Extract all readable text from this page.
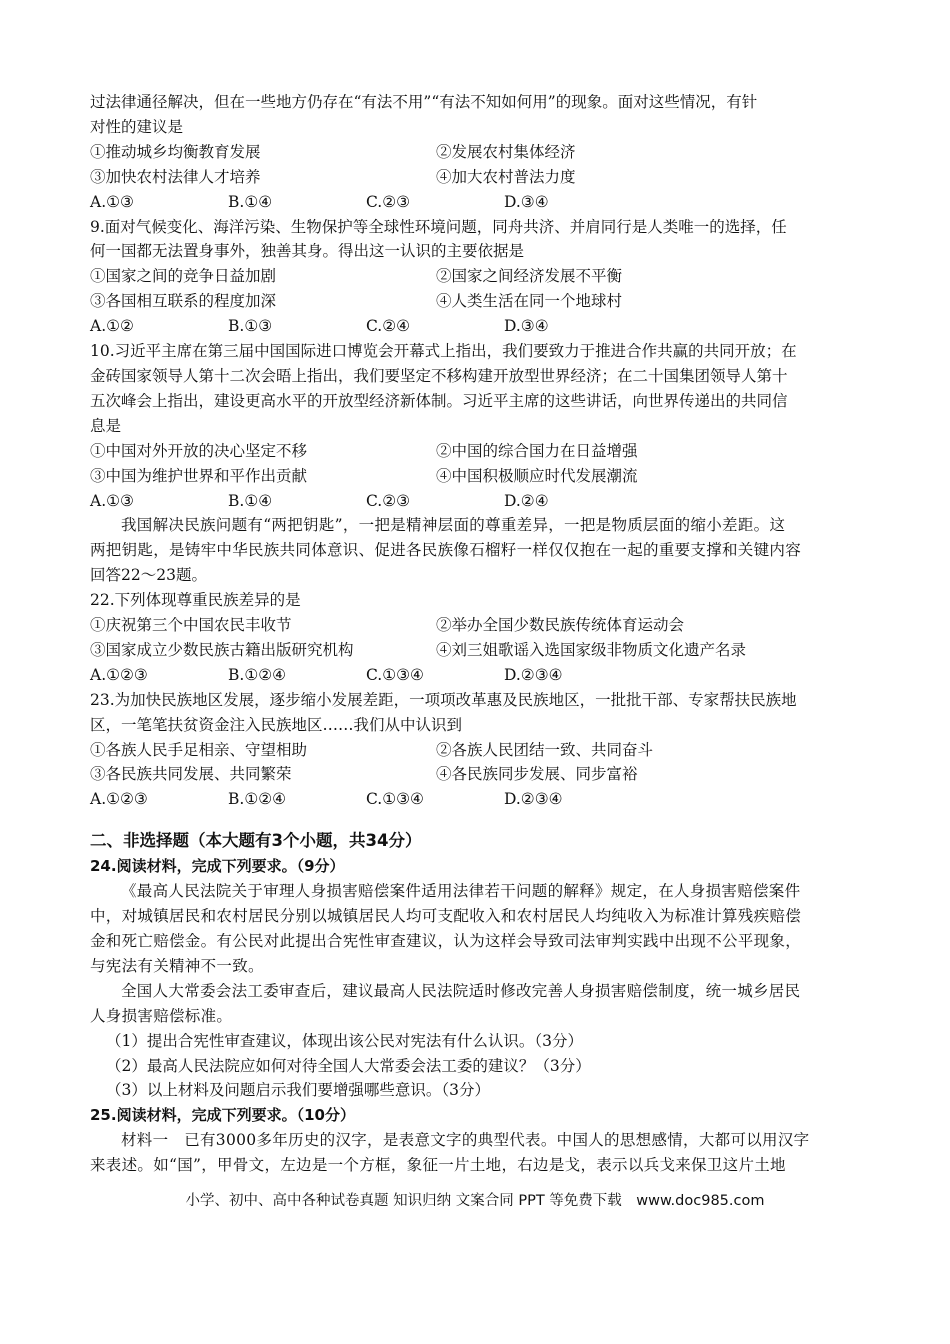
过法律通径解决，但在一些地方仍存在“有法不用”“有法不知如何用”的现象。面对这些情况，有针
对性的建议是
①推动城乡均衡教育发展	②发展农村集体经济
③加快农村法律人才培养	④加大农村普法力度
A.①③	B.①④	C.②③	D.③④
9.面对气候变化、海洋污染、生物保护等全球性环境问题，同舟共济、并肩同行是人类唯一的选择，任
何一国都无法置身事外，独善其身。得出这一认识的主要依据是
①国家之间的竞争日益加剧	②国家之间经济发展不平衡
③各国相互联系的程度加深	④人类生活在同一个地球村
A.①②	B.①③	C.②④	D.③④
10.习近平主席在第三届中国国际进口博览会开幕式上指出，我们要致力于推进合作共赢的共同开放；在
金砖国家领导人第十二次会晤上指出，我们要坚定不移构建开放型世界经济；在二十国集团领导人第十
五次峰会上指出，建设更高水平的开放型经济新体制。习近平主席的这些讲话，向世界传递出的共同信
息是
①中国对外开放的决心坚定不移	②中国的综合国力在日益增强
③中国为维护世界和平作出贡献	④中国积极顺应时代发展潮流
A.①③	B.①④	C.②③	D.②④
我国解决民族问题有“两把钥匙”，一把是精神层面的尊重差异，一把是物质层面的缩小差距。这
两把钥匙，是铸牢中华民族共同体意识、促进各民族像石榴籽一样仅仅抱在一起的重要支撑和关键内容
回答22～23题。
22.下列体现尊重民族差异的是
①庆祝第三个中国农民丰收节	②举办全国少数民族传统体育运动会
③国家成立少数民族古籍出版研究机构	④刘三姐歌谣入选国家级非物质文化遗产名录
A.①②③	B.①②④	C.①③④	D.②③④
23.为加快民族地区发展，逐步缩小发展差距，一项项改革惠及民族地区，一批批干部、专家帮扶民族地
区，一笔笔扶贫资金注入民族地区……我们从中认识到
①各族人民手足相亲、守望相助	②各族人民团结一致、共同奋斗
③各民族共同发展、共同繁荣	④各民族同步发展、同步富裕
A.①②③	B.①②④	C.①③④	D.②③④
二、非选择题（本大题有3个小题，共34分）
24.阅读材料，完成下列要求。（9分）
《最高人民法院关于审理人身损害赔偿案件适用法律若干问题的解释》规定，在人身损害赔偿案件
中，对城镇居民和农村居民分别以城镇居民人均可支配收入和农村居民人均纯收入为标准计算残疾赔偿
金和死亡赔偿金。有公民对此提出合宪性审查建议，认为这样会导致司法审判实践中出现不公平现象，
与宪法有关精神不一致。
全国人大常委会法工委审查后，建议最高人民法院适时修改完善人身损害赔偿制度，统一城乡居民
人身损害赔偿标准。
（1）提出合宪性审查建议，体现出该公民对宪法有什么认识。（3分）
（2）最高人民法院应如何对待全国人大常委会法工委的建议？（3分）
（3）以上材料及问题启示我们要增强哪些意识。（3分）
25.阅读材料，完成下列要求。（10分）
材料一　已有3000多年历史的汉字，是表意文字的典型代表。中国人的思想感情，大都可以用汉字
来表述。如“国”，甲骨文，左边是一个方框，象征一片土地，右边是戈，表示以兵戈来保卫这片土地
小学、初中、高中各种试卷真题 知识归纳 文案合同 PPT 等免费下载　www.doc985.com
